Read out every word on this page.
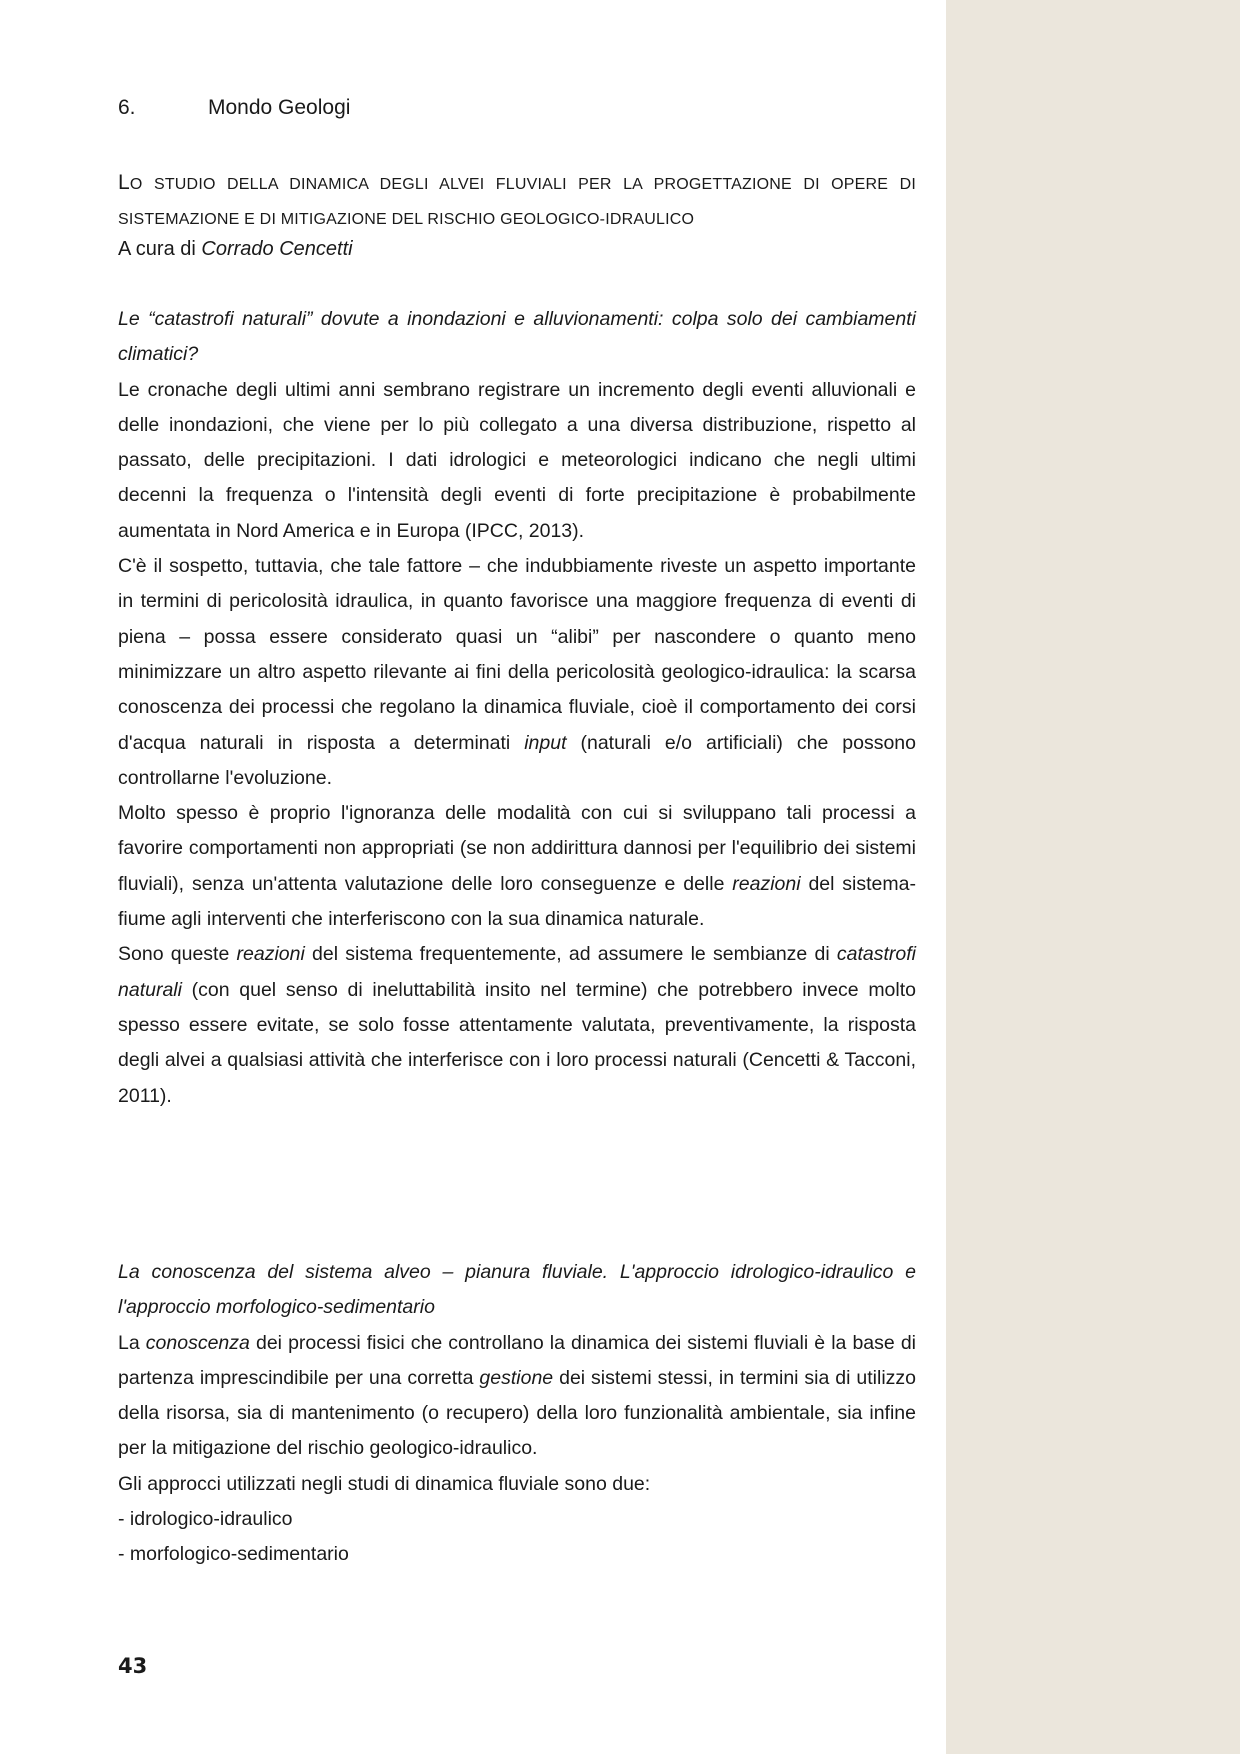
6.	Mondo Geologi
LO STUDIO DELLA DINAMICA DEGLI ALVEI FLUVIALI PER LA PROGETTAZIONE DI OPERE DI SISTEMAZIONE E DI MITIGAZIONE DEL RISCHIO GEOLOGICO-IDRAULICO
A cura di Corrado Cencetti

Le “catastrofi naturali” dovute a inondazioni e alluvionamenti: colpa solo dei cambiamenti climatici?

Le cronache degli ultimi anni sembrano registrare un incremento degli eventi alluvionali e delle inondazioni, che viene per lo più collegato a una diversa distribuzione, rispetto al passato, delle precipitazioni. I dati idrologici e meteorologici indicano che negli ultimi decenni la frequenza o l'intensità degli eventi di forte precipitazione è probabilmente aumentata in Nord America e in Europa (IPCC, 2013).

C'è il sospetto, tuttavia, che tale fattore – che indubbiamente riveste un aspetto importante in termini di pericolosità idraulica, in quanto favorisce una maggiore frequenza di eventi di piena – possa essere considerato quasi un “alibi” per nascondere o quanto meno minimizzare un altro aspetto rilevante ai fini della pericolosità geologico-idraulica: la scarsa conoscenza dei processi che regolano la dinamica fluviale, cioè il comportamento dei corsi d'acqua naturali in risposta a determinati input (naturali e/o artificiali) che possono controllarne l'evoluzione.

Molto spesso è proprio l'ignoranza delle modalità con cui si sviluppano tali processi a favorire comportamenti non appropriati (se non addirittura dannosi per l'equilibrio dei sistemi fluviali), senza un'attenta valutazione delle loro conseguenze e delle reazioni del sistema-fiume agli interventi che interferiscono con la sua dinamica naturale.

Sono queste reazioni del sistema frequentemente, ad assumere le sembianze di catastrofi naturali (con quel senso di ineluttabilità insito nel termine) che potrebbero invece molto spesso essere evitate, se solo fosse attentamente valutata, preventivamente, la risposta degli alvei a qualsiasi attività che interferisce con i loro processi naturali (Cencetti & Tacconi, 2011).

La conoscenza del sistema alveo – pianura fluviale. L'approccio idrologico-idraulico e l'approccio morfologico-sedimentario

La conoscenza dei processi fisici che controllano la dinamica dei sistemi fluviali è la base di partenza imprescindibile per una corretta gestione dei sistemi stessi, in termini sia di utilizzo della risorsa, sia di mantenimento (o recupero) della loro funzionalità ambientale, sia infine per la mitigazione del rischio geologico-idraulico.

Gli approcci utilizzati negli studi di dinamica fluviale sono due:

- idrologico-idraulico

- morfologico-sedimentario

43
